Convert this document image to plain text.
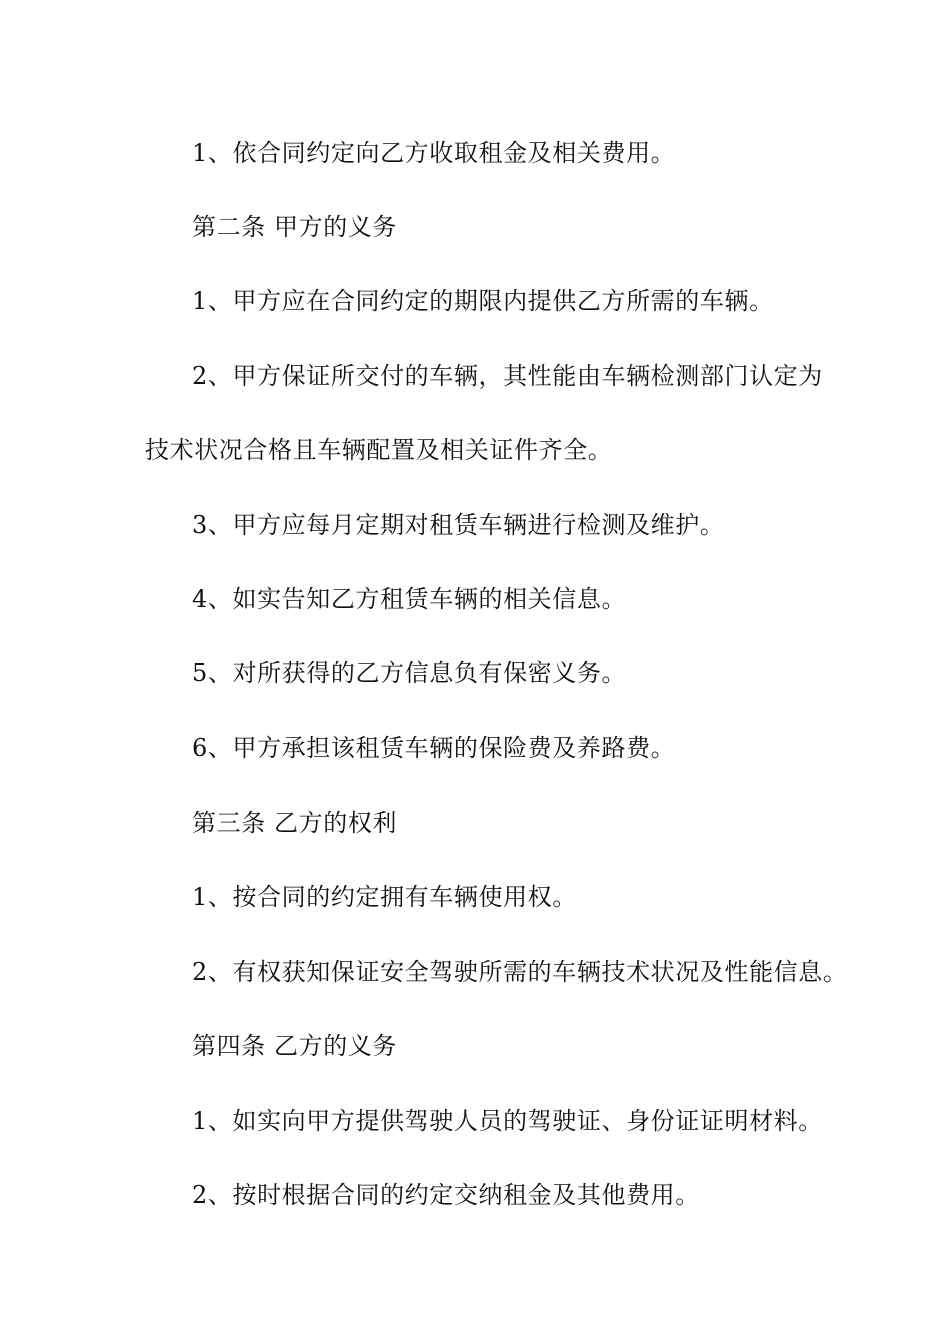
1、依合同约定向乙方收取租金及相关费用。
第二条 甲方的义务
1、甲方应在合同约定的期限内提供乙方所需的车辆。
2、甲方保证所交付的车辆，其性能由车辆检测部门认定为
技术状况合格且车辆配置及相关证件齐全。
3、甲方应每月定期对租赁车辆进行检测及维护。
4、如实告知乙方租赁车辆的相关信息。
5、对所获得的乙方信息负有保密义务。
6、甲方承担该租赁车辆的保险费及养路费。
第三条 乙方的权利
1、按合同的约定拥有车辆使用权。
2、有权获知保证安全驾驶所需的车辆技术状况及性能信息。
第四条 乙方的义务
1、如实向甲方提供驾驶人员的驾驶证、身份证证明材料。
2、按时根据合同的约定交纳租金及其他费用。
